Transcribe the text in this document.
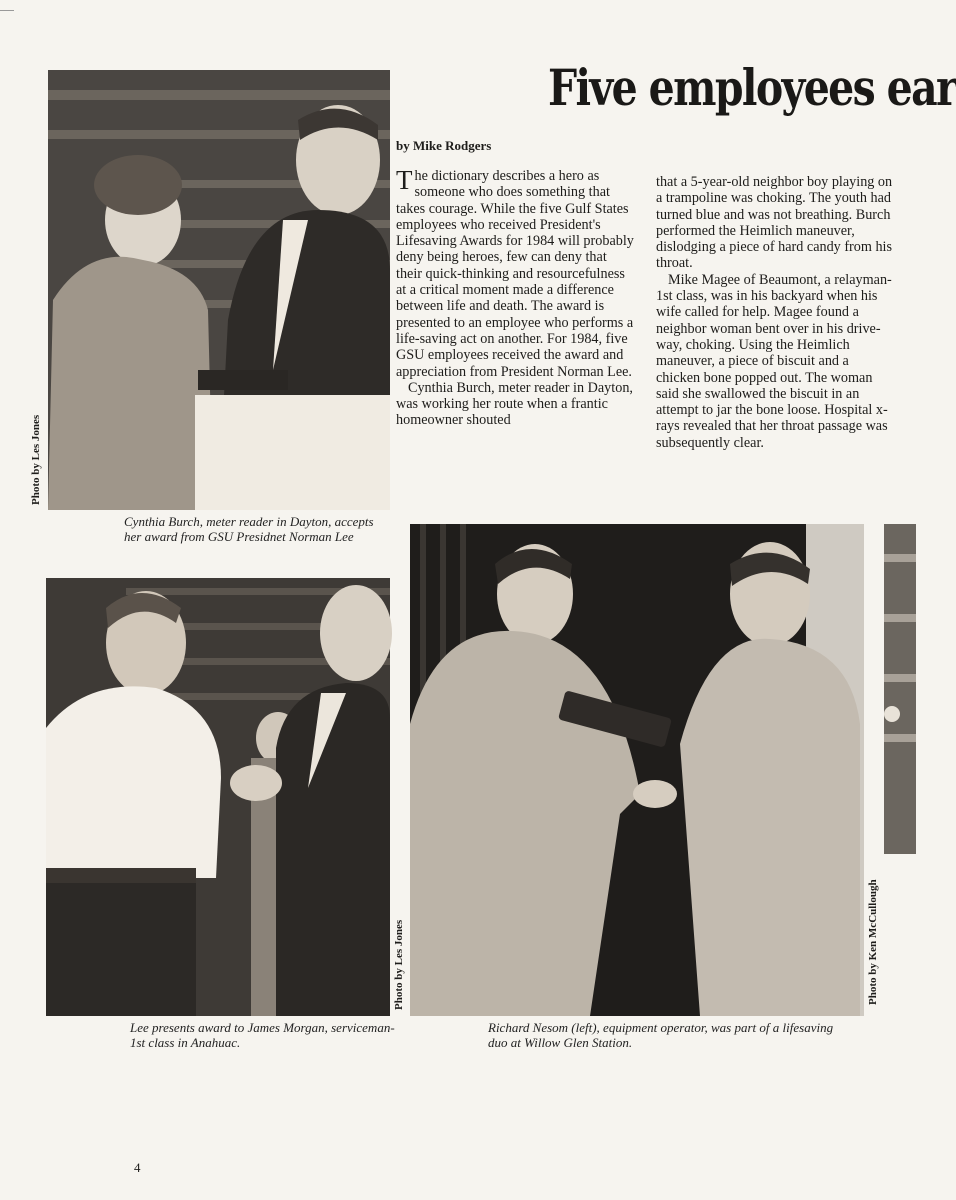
Five employees ear
by Mike Rodgers

The dictionary describes a hero as someone who does something that takes courage. While the five Gulf States employees who received President's Lifesaving Awards for 1984 will probably deny being heroes, few can deny that their quick-thinking and resourcefulness at a critical moment made a difference between life and death. The award is presented to an employee who performs a life-saving act on another. For 1984, five GSU employees received the award and appreciation from President Norman Lee.

Cynthia Burch, meter reader in Dayton, was working her route when a frantic homeowner shouted

that a 5-year-old neighbor boy playing on a trampoline was choking. The youth had turned blue and was not breathing. Burch performed the Heimlich maneuver, dislodging a piece of hard candy from his throat.

Mike Magee of Beaumont, a relayman-1st class, was in his backyard when his wife called for help. Magee found a neighbor woman bent over in his drive-way, choking. Using the Heimlich maneuver, a piece of biscuit and a chicken bone popped out. The woman said she swallowed the biscuit in an attempt to jar the bone loose. Hospital x-rays revealed that her throat passage was subsequently clear.

Photo by Les Jones
Cynthia Burch, meter reader in Dayton, accepts her award from GSU Presidnet Norman Lee
Lee presents award to James Morgan, serviceman-1st class in Anahuac.
Photo by Les Jones	Photo by Ken McCullough
Richard Nesom (left), equipment operator, was part of a lifesaving duo at Willow Glen Station.
4
